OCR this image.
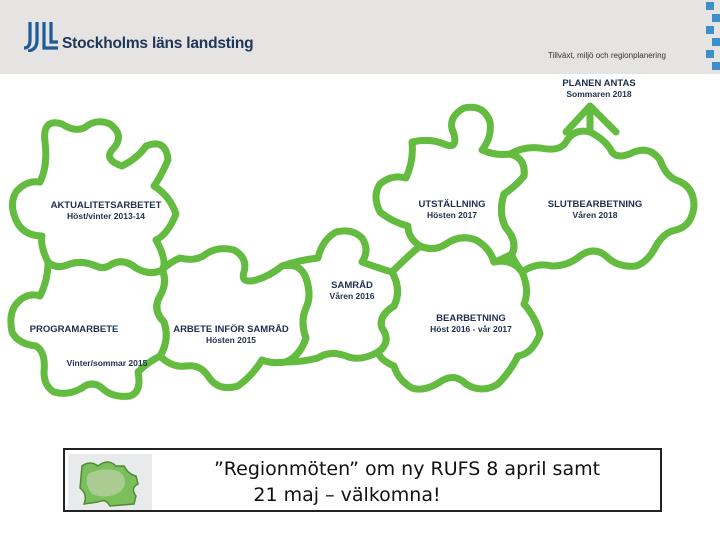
Stockholms läns landsting
Tillväxt, miljö och regionplanering
AKTUALITETSARBETET
Höst/vinter 2013-14
PROGRAMARBETE
Vinter/sommar 2015
ARBETE INFÖR SAMRÅD
Hösten 2015
SAMRÅD
Våren 2016
BEARBETNING
Höst 2016 - vår 2017
UTSTÄLLNING
Hösten 2017
SLUTBEARBETNING
Våren 2018
PLANEN ANTAS
Sommaren 2018
”Regionmöten” om ny RUFS 8 april samt
21 maj – välkomna!
